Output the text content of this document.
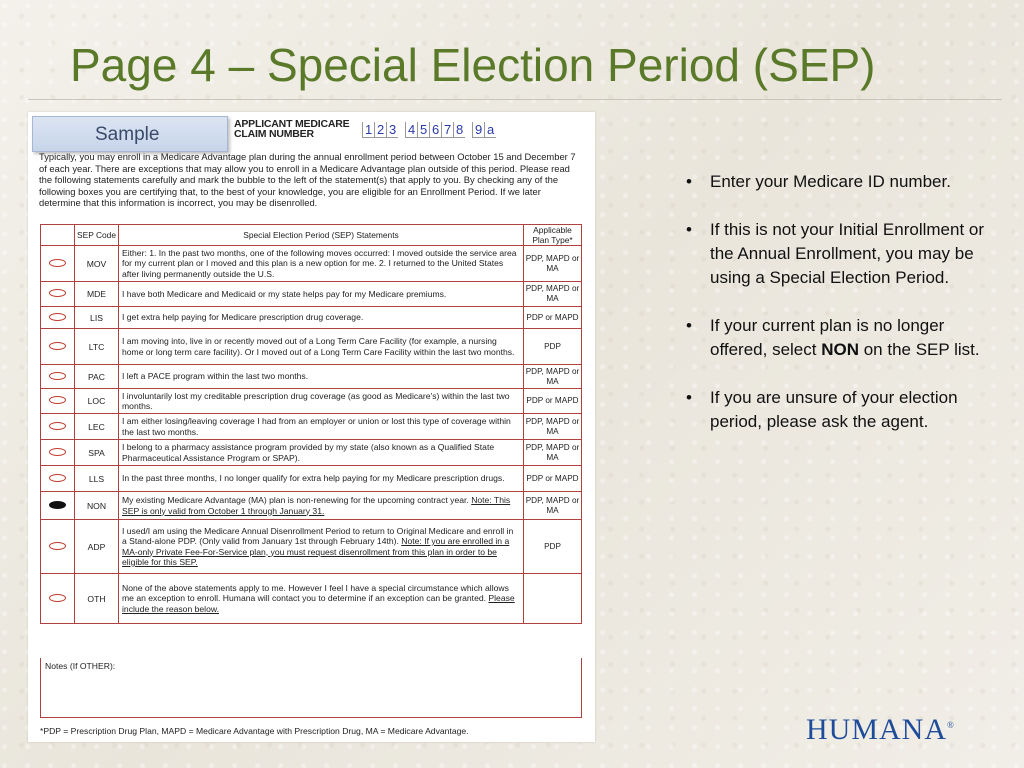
Page 4 – Special Election Period (SEP)
Sample	APPLICANT MEDICARE
CLAIM NUMBER	1 2 3 4 5 6 7 8 9 a
Typically, you may enroll in a Medicare Advantage plan during the annual enrollment period between October 15 and December 7 of each year. There are exceptions that may allow you to enroll in a Medicare Advantage plan outside of this period. Please read the following statements carefully and mark the bubble to the left of the statement(s) that apply to you. By checking any of the following boxes you are certifying that, to the best of your knowledge, you are eligible for an Enrollment Period. If we later determine that this information is incorrect, you may be disenrolled.
	SEP Code	Special Election Period (SEP) Statements	Applicable Plan Type*
	MOV	Either: 1. In the past two months, one of the following moves occurred: I moved outside the service area for my current plan or I moved and this plan is a new option for me. 2. I returned to the United States after living permanently outside the U.S.	PDP, MAPD or MA
	MDE	I have both Medicare and Medicaid or my state helps pay for my Medicare premiums.	PDP, MAPD or MA
	LIS	I get extra help paying for Medicare prescription drug coverage.	PDP or MAPD
	LTC	I am moving into, live in or recently moved out of a Long Term Care Facility (for example, a nursing home or long term care facility). Or I moved out of a Long Term Care Facility within the last two months.	PDP
	PAC	I left a PACE program within the last two months.	PDP, MAPD or MA
	LOC	I involuntarily lost my creditable prescription drug coverage (as good as Medicare's) within the last two months.	PDP or MAPD
	LEC	I am either losing/leaving coverage I had from an employer or union or lost this type of coverage within the last two months.	PDP, MAPD or MA
	SPA	I belong to a pharmacy assistance program provided by my state (also known as a Qualified State Pharmaceutical Assistance Program or SPAP).	PDP, MAPD or MA
	LLS	In the past three months, I no longer qualify for extra help paying for my Medicare prescription drugs.	PDP or MAPD
	NON	My existing Medicare Advantage (MA) plan is non-renewing for the upcoming contract year. Note: This SEP is only valid from October 1 through January 31.	PDP, MAPD or MA
	ADP	I used/I am using the Medicare Annual Disenrollment Period to return to Original Medicare and enroll in a Stand-alone PDP. (Only valid from January 1st through February 14th). Note: If you are enrolled in a MA-only Private Fee-For-Service plan, you must request disenrollment from this plan in order to be eligible for this SEP.	PDP
	OTH	None of the above statements apply to me. However I feel I have a special circumstance which allows me an exception to enroll. Humana will contact you to determine if an exception can be granted. Please include the reason below.	
Notes (If OTHER):
*PDP = Prescription Drug Plan, MAPD = Medicare Advantage with Prescription Drug, MA = Medicare Advantage.
•	Enter your Medicare ID number.
•	If this is not your Initial Enrollment or the Annual Enrollment, you may be using a Special Election Period.
•	If your current plan is no longer offered, select NON on the SEP list.
•	If you are unsure of your election period, please ask the agent.
HUMANA®
